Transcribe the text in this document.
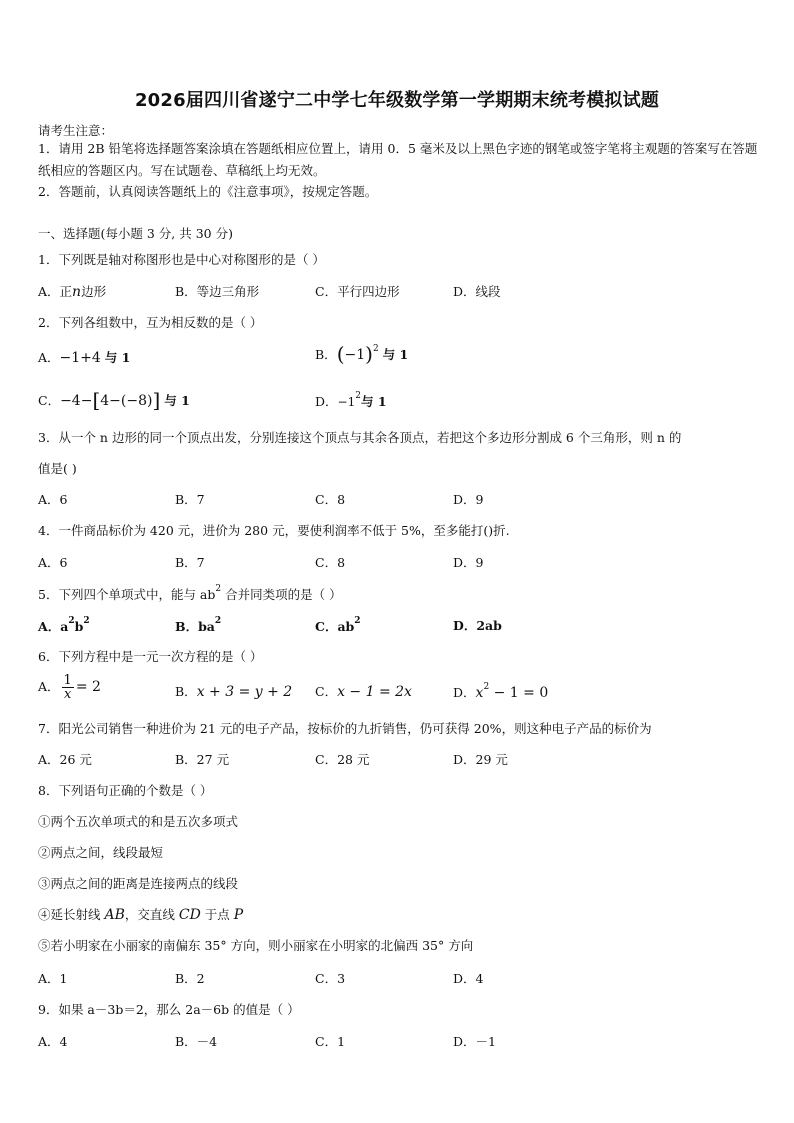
2026届四川省遂宁二中学七年级数学第一学期期末统考模拟试题
请考生注意：
1．请用 2B 铅笔将选择题答案涂填在答题纸相应位置上，请用 0．5 毫米及以上黑色字迹的钢笔或签字笔将主观题的答案写在答题纸相应的答题区内。写在试题卷、草稿纸上均无效。
2．答题前，认真阅读答题纸上的《注意事项》，按规定答题。
一、选择题(每小题 3 分, 共 30 分)
1．下列既是轴对称图形也是中心对称图形的是（ ）
A．正n边形	B．等边三角形	C．平行四边形	D．线段
2．下列各组数中，互为相反数的是（ ）
A．−1+4 与 1	B．$(-1)^2$ 与 1
C．−4−[4−(−8)] 与 1	D．$-1^2$与 1
3．从一个 n 边形的同一个顶点出发，分别连接这个顶点与其余各顶点，若把这个多边形分割成 6 个三角形，则 n 的
值是( )
A．6	B．7	C．8	D．9
4．一件商品标价为 420 元，进价为 280 元，要使利润率不低于 5%，至多能打()折.
A．6	B．7	C．8	D．9
5．下列四个单项式中，能与 $ab^2$ 合并同类项的是（ ）
A．$a^2b^2$	B．$ba^2$	C．$ab^2$	D．2ab
6．下列方程中是一元一次方程的是（ ）
A． $\frac{1}{x} = 2$	B．x + 3 = y + 2 C．x − 1 = 2x	D．$x^2 - 1 = 0$
7．阳光公司销售一种进价为 21 元的电子产品，按标价的九折销售，仍可获得 20%，则这种电子产品的标价为
A．26 元	B．27 元	C．28 元	D．29 元
8．下列语句正确的个数是（ ）
①两个五次单项式的和是五次多项式
②两点之间，线段最短
③两点之间的距离是连接两点的线段
④延长射线 AB，交直线 CD 于点 P
⑤若小明家在小丽家的南偏东 35° 方向，则小丽家在小明家的北偏西 35° 方向
A．1	B．2	C．3	D．4
9．如果 a－3b＝2，那么 2a－6b 的值是（ ）
A．4	B．－4	C．1	D．－1
